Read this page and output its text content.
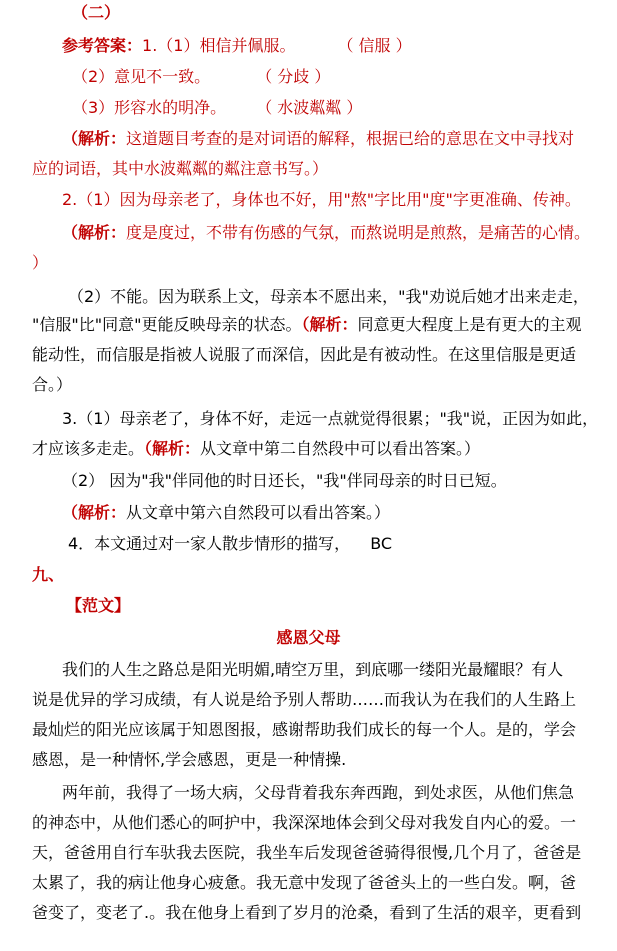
（二）
参考答案：1.（1）相信并佩服。	（ 信服 ）
（2）意见不一致。	（ 分歧 ）
（3）形容水的明净。 （ 水波粼粼 ）
（解析：这道题目考查的是对词语的解释，根据已给的意思在文中寻找对
应的词语，其中水波粼粼的粼注意书写。）
2.（1）因为母亲老了，身体也不好，用"熬"字比用"度"字更准确、传神。
（解析：度是度过，不带有伤感的气氛，而熬说明是煎熬，是痛苦的心情。
）
（2）不能。因为联系上文，母亲本不愿出来，"我"劝说后她才出来走走，
"信服"比"同意"更能反映母亲的状态。（解析：同意更大程度上是有更大的主观
能动性，而信服是指被人说服了而深信，因此是有被动性。在这里信服是更适
合。）
3.（1）母亲老了，身体不好，走远一点就觉得很累；"我"说，正因为如此，
才应该多走走。（解析：从文章中第二自然段中可以看出答案。）
（2） 因为"我"伴同他的时日还长，"我"伴同母亲的时日已短。
（解析：从文章中第六自然段可以看出答案。）
4．本文通过对一家人散步情形的描写， BC
九、
【范文】
感恩父母
我们的人生之路总是阳光明媚,晴空万里，到底哪一缕阳光最耀眼？有人
说是优异的学习成绩，有人说是给予别人帮助……而我认为在我们的人生路上
最灿烂的阳光应该属于知恩图报，感谢帮助我们成长的每一个人。是的，学会
感恩，是一种情怀,学会感恩，更是一种情操.
两年前，我得了一场大病，父母背着我东奔西跑，到处求医，从他们焦急
的神态中，从他们悉心的呵护中，我深深地体会到父母对我发自内心的爱。一
天，爸爸用自行车驮我去医院，我坐车后发现爸爸骑得很慢,几个月了，爸爸是
太累了，我的病让他身心疲惫。我无意中发现了爸爸头上的一些白发。啊，爸
爸变了，变老了.。我在他身上看到了岁月的沧桑，看到了生活的艰辛，更看到
